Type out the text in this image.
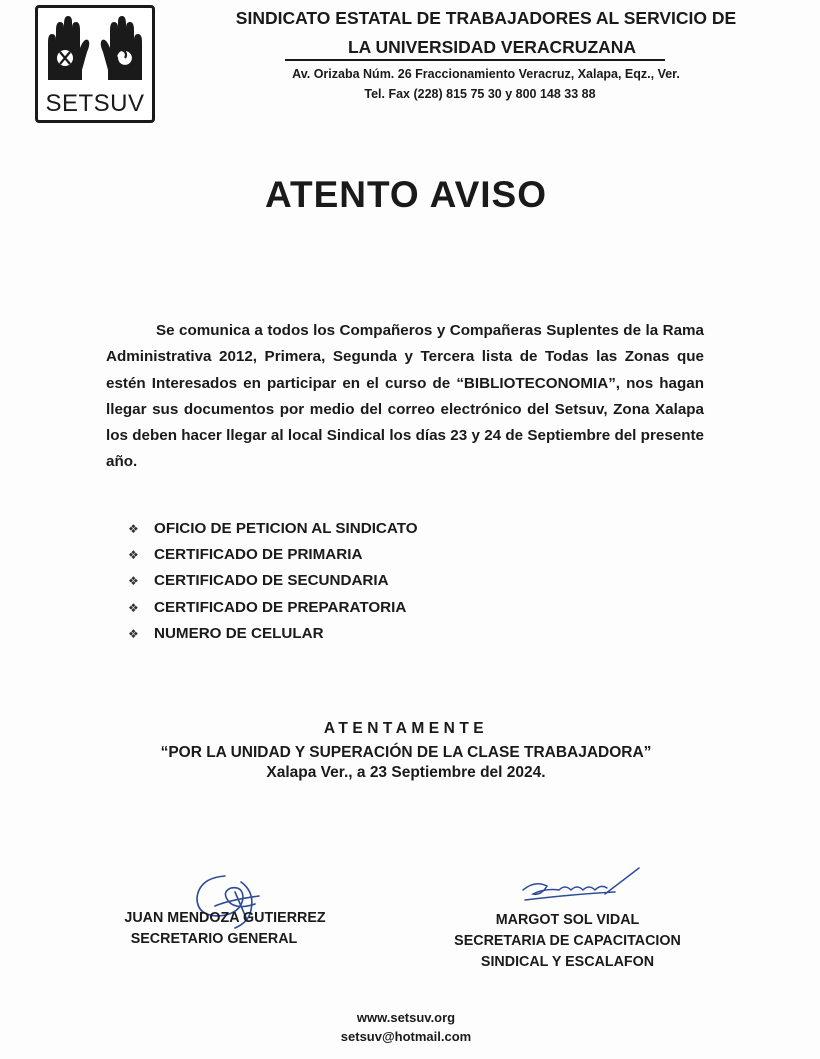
SETSUV
SINDICATO ESTATAL DE TRABAJADORES AL SERVICIO DE
LA UNIVERSIDAD VERACRUZANA
Av. Orizaba Núm. 26 Fraccionamiento Veracruz, Xalapa, Eqz., Ver.
Tel. Fax (228) 815 75 30 y 800 148 33 88
ATENTO AVISO

Se comunica a todos los Compañeros y Compañeras Suplentes de la Rama Administrativa 2012, Primera, Segunda y Tercera lista de Todas las Zonas que estén Interesados en participar en el curso de “BIBLIOTECONOMIA”, nos hagan llegar sus documentos por medio del correo electrónico del Setsuv, Zona Xalapa los deben hacer llegar al local Sindical los días 23 y 24 de Septiembre del presente año.

❖ OFICIO DE PETICION AL SINDICATO
❖ CERTIFICADO DE PRIMARIA
❖ CERTIFICADO DE SECUNDARIA
❖ CERTIFICADO DE PREPARATORIA
❖ NUMERO DE CELULAR
ATENTAMENTE
“POR LA UNIDAD Y SUPERACIÓN DE LA CLASE TRABAJADORA”
Xalapa Ver., a 23 Septiembre del 2024.
JUAN MENDOZA GUTIERREZ
SECRETARIO GENERAL
MARGOT SOL VIDAL
SECRETARIA DE CAPACITACION
SINDICAL Y ESCALAFON
www.setsuv.org
setsuv@hotmail.com
